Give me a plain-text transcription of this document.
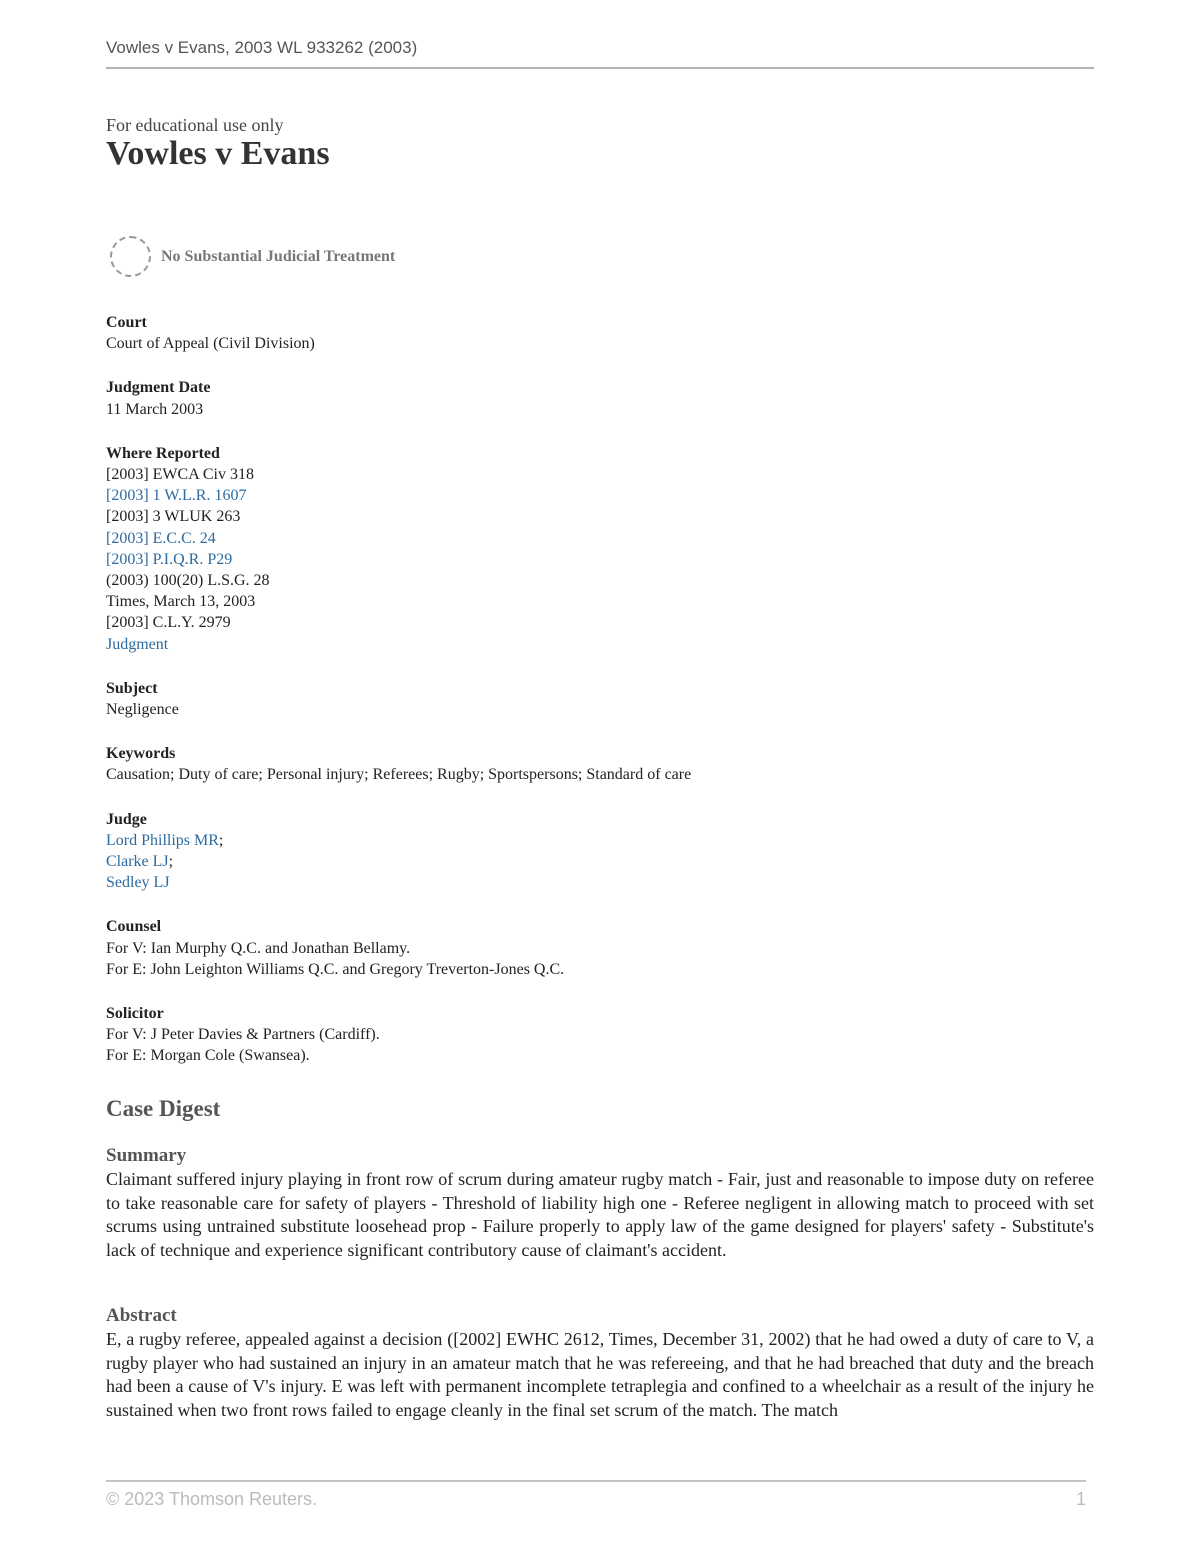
Vowles v Evans, 2003 WL 933262 (2003)
For educational use only
Vowles v Evans
No Substantial Judicial Treatment
Court
Court of Appeal (Civil Division)
Judgment Date
11 March 2003
Where Reported
[2003] EWCA Civ 318
[2003] 1 W.L.R. 1607
[2003] 3 WLUK 263
[2003] E.C.C. 24
[2003] P.I.Q.R. P29
(2003) 100(20) L.S.G. 28
Times, March 13, 2003
[2003] C.L.Y. 2979
Judgment
Subject
Negligence
Keywords
Causation; Duty of care; Personal injury; Referees; Rugby; Sportspersons; Standard of care
Judge
Lord Phillips MR;
Clarke LJ;
Sedley LJ
Counsel
For V: Ian Murphy Q.C. and Jonathan Bellamy.
For E: John Leighton Williams Q.C. and Gregory Treverton-Jones Q.C.
Solicitor
For V: J Peter Davies & Partners (Cardiff).
For E: Morgan Cole (Swansea).
Case Digest
Summary

Claimant suffered injury playing in front row of scrum during amateur rugby match - Fair, just and reasonable to impose duty on referee to take reasonable care for safety of players - Threshold of liability high one - Referee negligent in allowing match to proceed with set scrums using untrained substitute loosehead prop - Failure properly to apply law of the game designed for players' safety - Substitute's lack of technique and experience significant contributory cause of claimant's accident.

Abstract

E, a rugby referee, appealed against a decision ([2002] EWHC 2612, Times, December 31, 2002) that he had owed a duty of care to V, a rugby player who had sustained an injury in an amateur match that he was refereeing, and that he had breached that duty and the breach had been a cause of V's injury. E was left with permanent incomplete tetraplegia and confined to a wheelchair as a result of the injury he sustained when two front rows failed to engage cleanly in the final set scrum of the match. The match

© 2023 Thomson Reuters.	1
